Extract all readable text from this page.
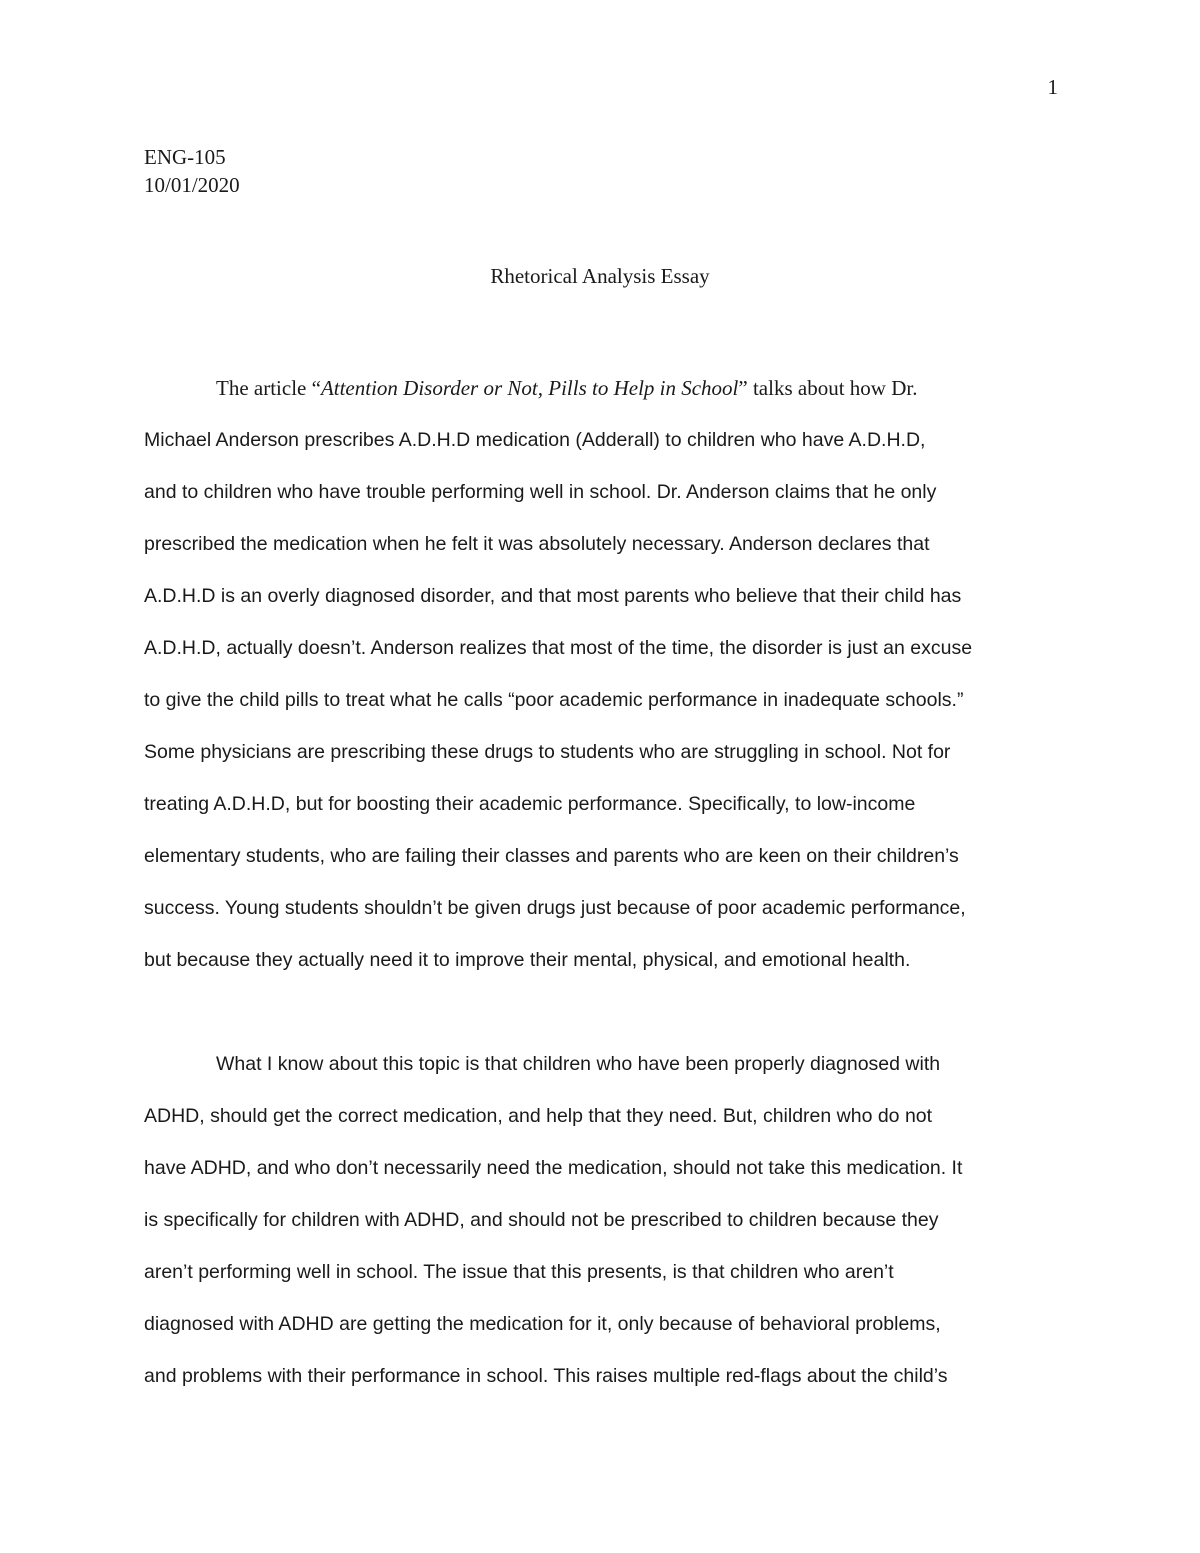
1
ENG-105
10/01/2020
Rhetorical Analysis Essay
The article “Attention Disorder or Not, Pills to Help in School” talks about how Dr.
Michael Anderson prescribes A.D.H.D medication (Adderall) to children who have A.D.H.D,
and to children who have trouble performing well in school. Dr. Anderson claims that he only
prescribed the medication when he felt it was absolutely necessary. Anderson declares that
A.D.H.D is an overly diagnosed disorder, and that most parents who believe that their child has
A.D.H.D, actually doesn’t. Anderson realizes that most of the time, the disorder is just an excuse
to give the child pills to treat what he calls “poor academic performance in inadequate schools.”
Some physicians are prescribing these drugs to students who are struggling in school. Not for
treating A.D.H.D, but for boosting their academic performance. Specifically, to low-income
elementary students, who are failing their classes and parents who are keen on their children’s
success. Young students shouldn’t be given drugs just because of poor academic performance,
but because they actually need it to improve their mental, physical, and emotional health.
What I know about this topic is that children who have been properly diagnosed with
ADHD, should get the correct medication, and help that they need. But, children who do not
have ADHD, and who don’t necessarily need the medication, should not take this medication. It
is specifically for children with ADHD, and should not be prescribed to children because they
aren’t performing well in school. The issue that this presents, is that children who aren’t
diagnosed with ADHD are getting the medication for it, only because of behavioral problems,
and problems with their performance in school. This raises multiple red-flags about the child’s
